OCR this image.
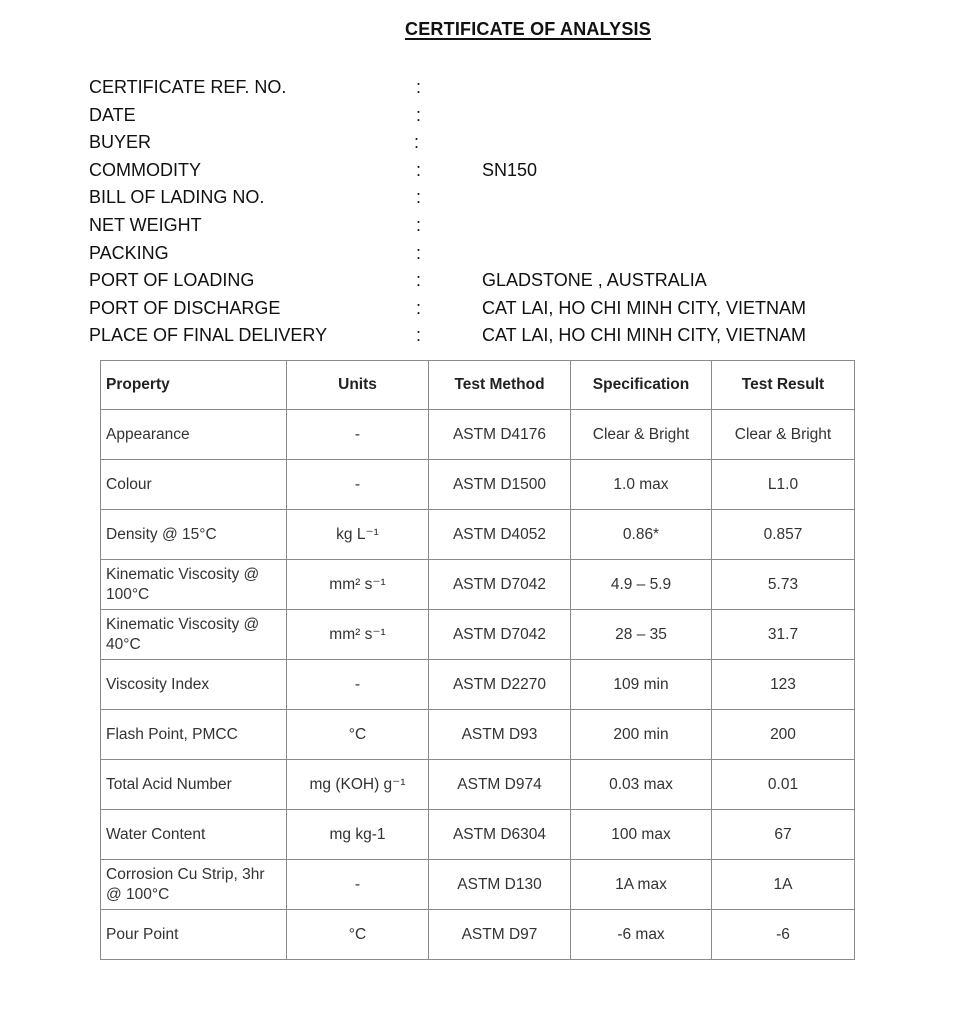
CERTIFICATE OF ANALYSIS
CERTIFICATE REF. NO.	:
DATE	:
BUYER	:
COMMODITY	:	SN150
BILL OF LADING NO.	:
NET WEIGHT	:
PACKING	:
PORT OF LOADING	:	GLADSTONE , AUSTRALIA
PORT OF DISCHARGE	:	CAT LAI, HO CHI MINH CITY, VIETNAM
PLACE OF FINAL DELIVERY	:	CAT LAI, HO CHI MINH CITY, VIETNAM
Property	Units	Test Method	Specification	Test Result
Appearance	-	ASTM D4176	Clear & Bright	Clear & Bright
Colour	-	ASTM D1500	1.0 max	L1.0
Density @ 15°C	kg L⁻¹	ASTM D4052	0.86*	0.857
Kinematic Viscosity @ 100°C	mm² s⁻¹	ASTM D7042	4.9 – 5.9	5.73
Kinematic Viscosity @ 40°C	mm² s⁻¹	ASTM D7042	28 – 35	31.7
Viscosity Index	-	ASTM D2270	109 min	123
Flash Point, PMCC	°C	ASTM D93	200 min	200
Total Acid Number	mg (KOH) g⁻¹	ASTM D974	0.03 max	0.01
Water Content	mg kg-1	ASTM D6304	100 max	67
Corrosion Cu Strip, 3hr @ 100°C	-	ASTM D130	1A max	1A
Pour Point	°C	ASTM D97	-6 max	-6
